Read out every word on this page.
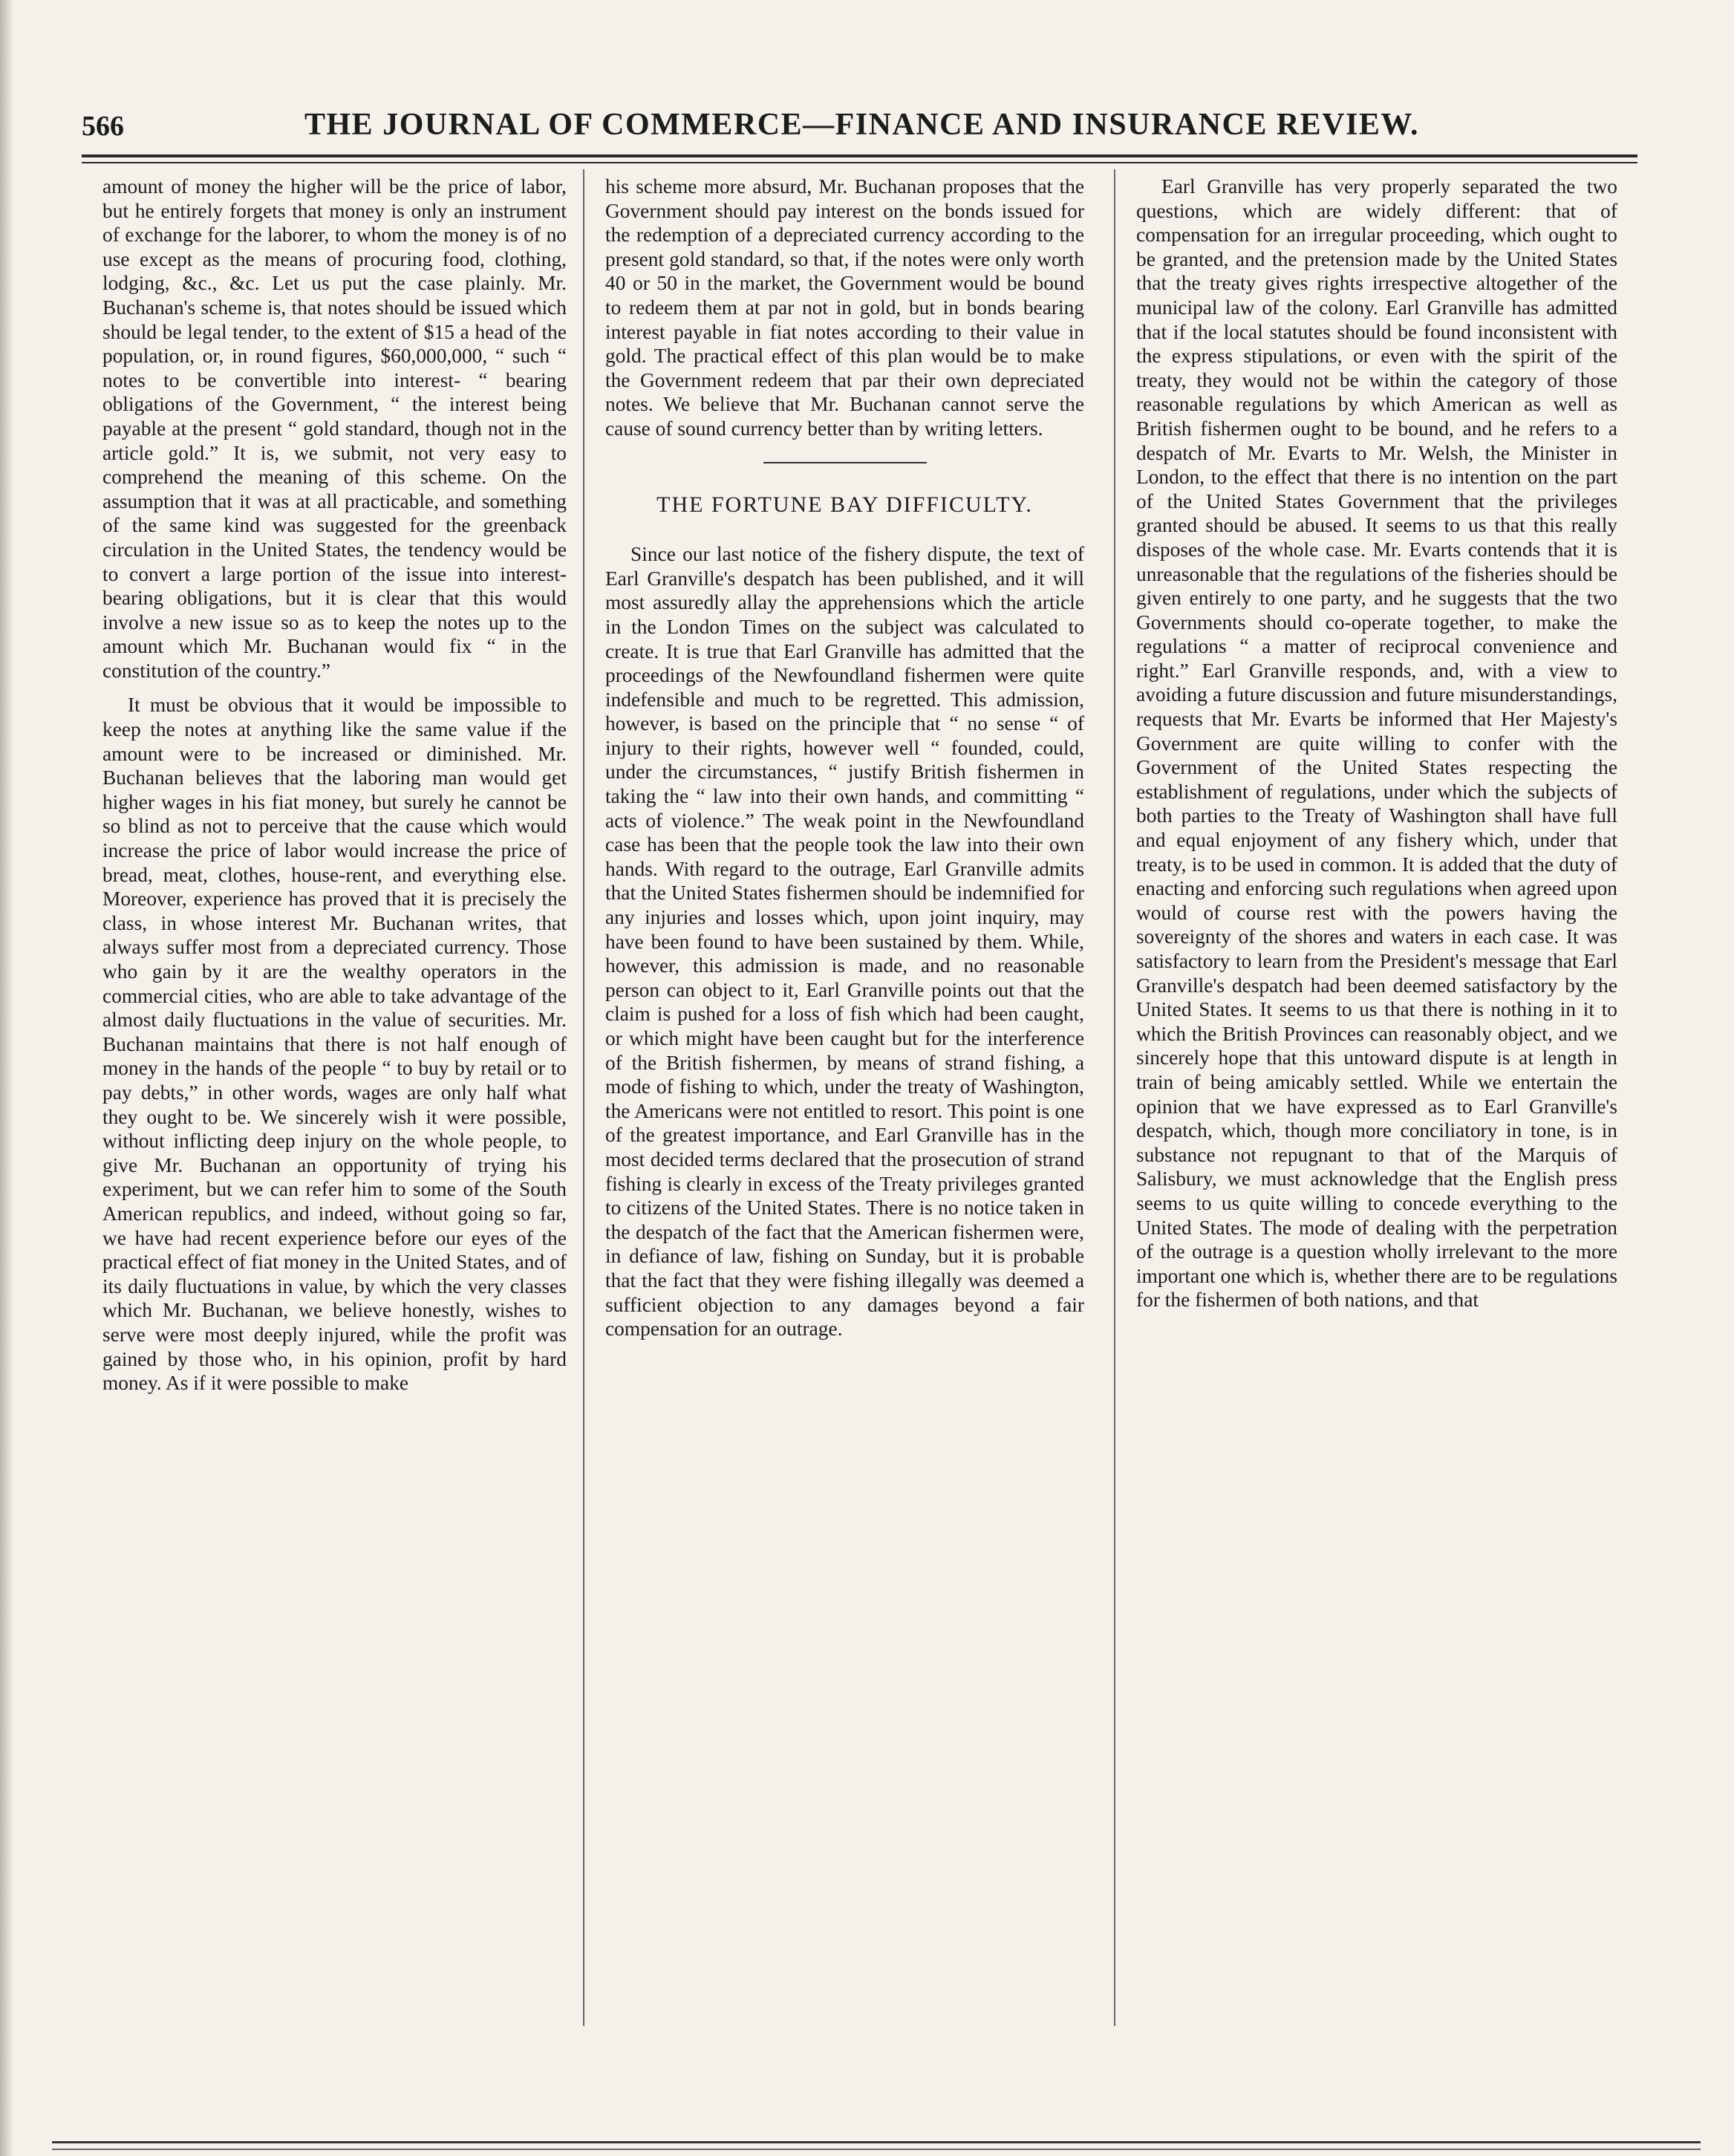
566	THE JOURNAL OF COMMERCE—FINANCE AND INSURANCE REVIEW.

amount of money the higher will be the price of labor, but he entirely forgets that money is only an instrument of exchange for the laborer, to whom the money is of no use except as the means of procuring food, clothing, lodging, &c., &c. Let us put the case plainly. Mr. Buchanan's scheme is, that notes should be issued which should be legal tender, to the extent of $15 a head of the population, or, in round figures, $60,000,000, “ such “ notes to be convertible into interest- “ bearing obligations of the Government, “ the interest being payable at the present “ gold standard, though not in the article gold.” It is, we submit, not very easy to comprehend the meaning of this scheme. On the assumption that it was at all practicable, and something of the same kind was suggested for the greenback circulation in the United States, the tendency would be to convert a large portion of the issue into interest-bearing obligations, but it is clear that this would involve a new issue so as to keep the notes up to the amount which Mr. Buchanan would fix “ in the constitution of the country.”

It must be obvious that it would be impossible to keep the notes at anything like the same value if the amount were to be increased or diminished. Mr. Buchanan believes that the laboring man would get higher wages in his fiat money, but surely he cannot be so blind as not to perceive that the cause which would increase the price of labor would increase the price of bread, meat, clothes, house-rent, and everything else. Moreover, experience has proved that it is precisely the class, in whose interest Mr. Buchanan writes, that always suffer most from a depreciated currency. Those who gain by it are the wealthy operators in the commercial cities, who are able to take advantage of the almost daily fluctuations in the value of securities. Mr. Buchanan maintains that there is not half enough of money in the hands of the people “ to buy by retail or to pay debts,” in other words, wages are only half what they ought to be. We sincerely wish it were possible, without inflicting deep injury on the whole people, to give Mr. Buchanan an opportunity of trying his experiment, but we can refer him to some of the South American republics, and indeed, without going so far, we have had recent experience before our eyes of the practical effect of fiat money in the United States, and of its daily fluctuations in value, by which the very classes which Mr. Buchanan, we believe honestly, wishes to serve were most deeply injured, while the profit was gained by those who, in his opinion, profit by hard money. As if it were possible to make

his scheme more absurd, Mr. Buchanan proposes that the Government should pay interest on the bonds issued for the redemption of a depreciated currency according to the present gold standard, so that, if the notes were only worth 40 or 50 in the market, the Government would be bound to redeem them at par not in gold, but in bonds bearing interest payable in fiat notes according to their value in gold. The practical effect of this plan would be to make the Government redeem that par their own depreciated notes. We believe that Mr. Buchanan cannot serve the cause of sound currency better than by writing letters.

THE FORTUNE BAY DIFFICULTY.

Since our last notice of the fishery dispute, the text of Earl Granville's despatch has been published, and it will most assuredly allay the apprehensions which the article in the London Times on the subject was calculated to create. It is true that Earl Granville has admitted that the proceedings of the Newfoundland fishermen were quite indefensible and much to be regretted. This admission, however, is based on the principle that “ no sense “ of injury to their rights, however well “ founded, could, under the circumstances, “ justify British fishermen in taking the “ law into their own hands, and committing “ acts of violence.” The weak point in the Newfoundland case has been that the people took the law into their own hands. With regard to the outrage, Earl Granville admits that the United States fishermen should be indemnified for any injuries and losses which, upon joint inquiry, may have been found to have been sustained by them. While, however, this admission is made, and no reasonable person can object to it, Earl Granville points out that the claim is pushed for a loss of fish which had been caught, or which might have been caught but for the interference of the British fishermen, by means of strand fishing, a mode of fishing to which, under the treaty of Washington, the Americans were not entitled to resort. This point is one of the greatest importance, and Earl Granville has in the most decided terms declared that the prosecution of strand fishing is clearly in excess of the Treaty privileges granted to citizens of the United States. There is no notice taken in the despatch of the fact that the American fishermen were, in defiance of law, fishing on Sunday, but it is probable that the fact that they were fishing illegally was deemed a sufficient objection to any damages beyond a fair compensation for an outrage.

Earl Granville has very properly separated the two questions, which are widely different: that of compensation for an irregular proceeding, which ought to be granted, and the pretension made by the United States that the treaty gives rights irrespective altogether of the municipal law of the colony. Earl Granville has admitted that if the local statutes should be found inconsistent with the express stipulations, or even with the spirit of the treaty, they would not be within the category of those reasonable regulations by which American as well as British fishermen ought to be bound, and he refers to a despatch of Mr. Evarts to Mr. Welsh, the Minister in London, to the effect that there is no intention on the part of the United States Government that the privileges granted should be abused. It seems to us that this really disposes of the whole case. Mr. Evarts contends that it is unreasonable that the regulations of the fisheries should be given entirely to one party, and he suggests that the two Governments should co-operate together, to make the regulations “ a matter of reciprocal convenience and right.” Earl Granville responds, and, with a view to avoiding a future discussion and future misunderstandings, requests that Mr. Evarts be informed that Her Majesty's Government are quite willing to confer with the Government of the United States respecting the establishment of regulations, under which the subjects of both parties to the Treaty of Washington shall have full and equal enjoyment of any fishery which, under that treaty, is to be used in common. It is added that the duty of enacting and enforcing such regulations when agreed upon would of course rest with the powers having the sovereignty of the shores and waters in each case. It was satisfactory to learn from the President's message that Earl Granville's despatch had been deemed satisfactory by the United States. It seems to us that there is nothing in it to which the British Provinces can reasonably object, and we sincerely hope that this untoward dispute is at length in train of being amicably settled. While we entertain the opinion that we have expressed as to Earl Granville's despatch, which, though more conciliatory in tone, is in substance not repugnant to that of the Marquis of Salisbury, we must acknowledge that the English press seems to us quite willing to concede everything to the United States. The mode of dealing with the perpetration of the outrage is a question wholly irrelevant to the more important one which is, whether there are to be regulations for the fishermen of both nations, and that
